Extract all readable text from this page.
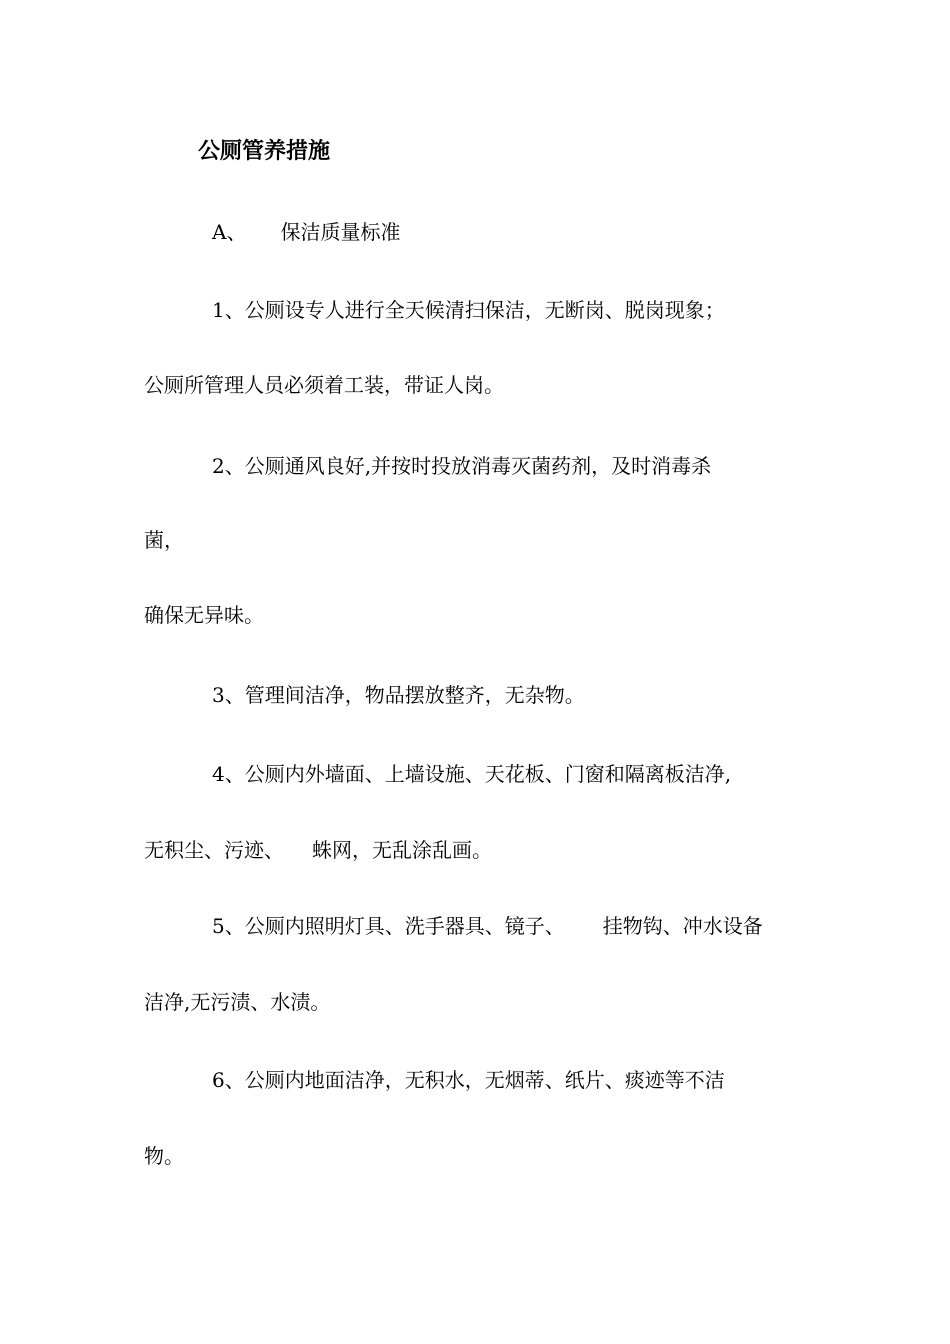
公厕管养措施

A、 保洁质量标准

1、公厕设专人进行全天候清扫保洁，无断岗、脱岗现象；

公厕所管理人员必须着工装，带证人岗。

2、公厕通风良好,并按时投放消毒灭菌药剂，及时消毒杀

菌，

确保无异味。

3、管理间洁净，物品摆放整齐，无杂物。

4、公厕内外墙面、上墙设施、天花板、门窗和隔离板洁净,

无积尘、污迹、 蛛网，无乱涂乱画。

5、公厕内照明灯具、洗手器具、镜子、 挂物钩、冲水设备

洁净,无污渍、水渍。

6、公厕内地面洁净，无积水，无烟蒂、纸片、痰迹等不洁

物。
